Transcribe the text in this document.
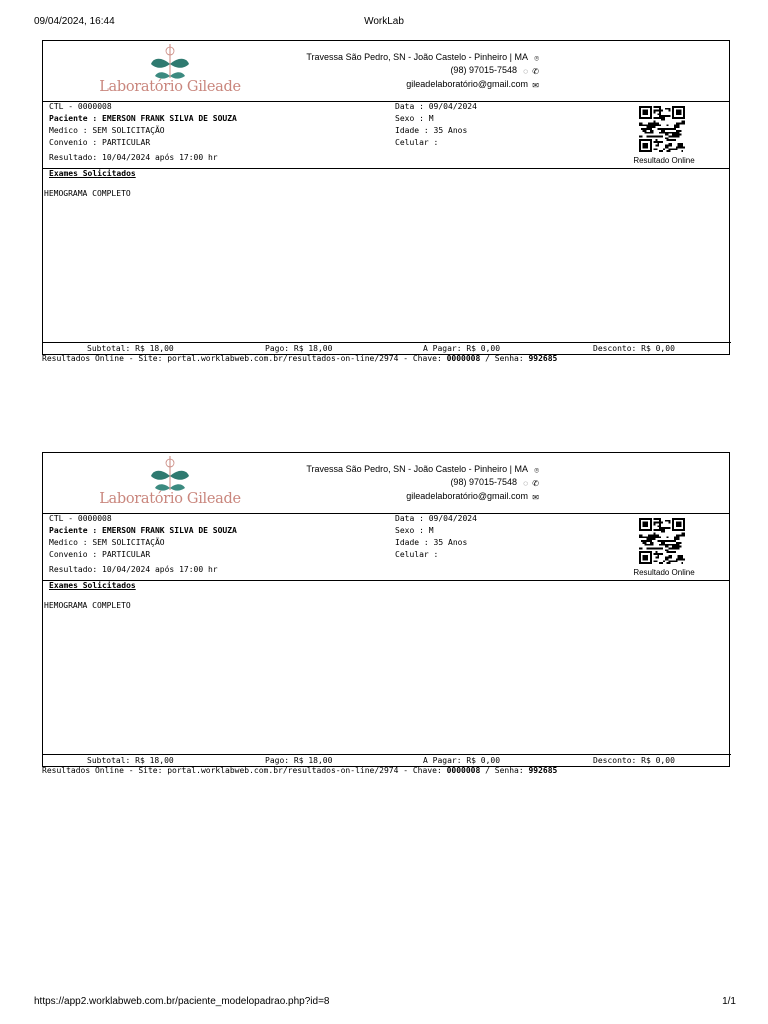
09/04/2024, 16:44	WorkLab
Laboratório Gileade
Travessa São Pedro, SN - João Castelo - Pinheiro | MA ⌾
(98) 97015-7548 ◌ ✆
gileadelaboratório@gmail.com ✉
CTL - 0000008
Paciente : EMERSON FRANK SILVA DE SOUZA
Medico : SEM SOLICITAÇÃO
Convenio : PARTICULAR
Resultado: 10/04/2024 após 17:00 hr
Data : 09/04/2024
Sexo : M
Idade : 35 Anos
Celular :
Resultado Online
Exames Solicitados
HEMOGRAMA COMPLETO
Subtotal: R$ 18,00	Pago: R$ 18,00	A Pagar: R$ 0,00	Desconto: R$ 0,00
Resultados Online - Site: portal.worklabweb.com.br/resultados-on-line/2974 - Chave: 0000008 / Senha: 992685
Laboratório Gileade
Travessa São Pedro, SN - João Castelo - Pinheiro | MA ⌾
(98) 97015-7548 ◌ ✆
gileadelaboratório@gmail.com ✉
CTL - 0000008
Paciente : EMERSON FRANK SILVA DE SOUZA
Medico : SEM SOLICITAÇÃO
Convenio : PARTICULAR
Resultado: 10/04/2024 após 17:00 hr
Data : 09/04/2024
Sexo : M
Idade : 35 Anos
Celular :
Resultado Online
Exames Solicitados
HEMOGRAMA COMPLETO
Subtotal: R$ 18,00	Pago: R$ 18,00	A Pagar: R$ 0,00	Desconto: R$ 0,00
Resultados Online - Site: portal.worklabweb.com.br/resultados-on-line/2974 - Chave: 0000008 / Senha: 992685
https://app2.worklabweb.com.br/paciente_modelopadrao.php?id=8	1/1
